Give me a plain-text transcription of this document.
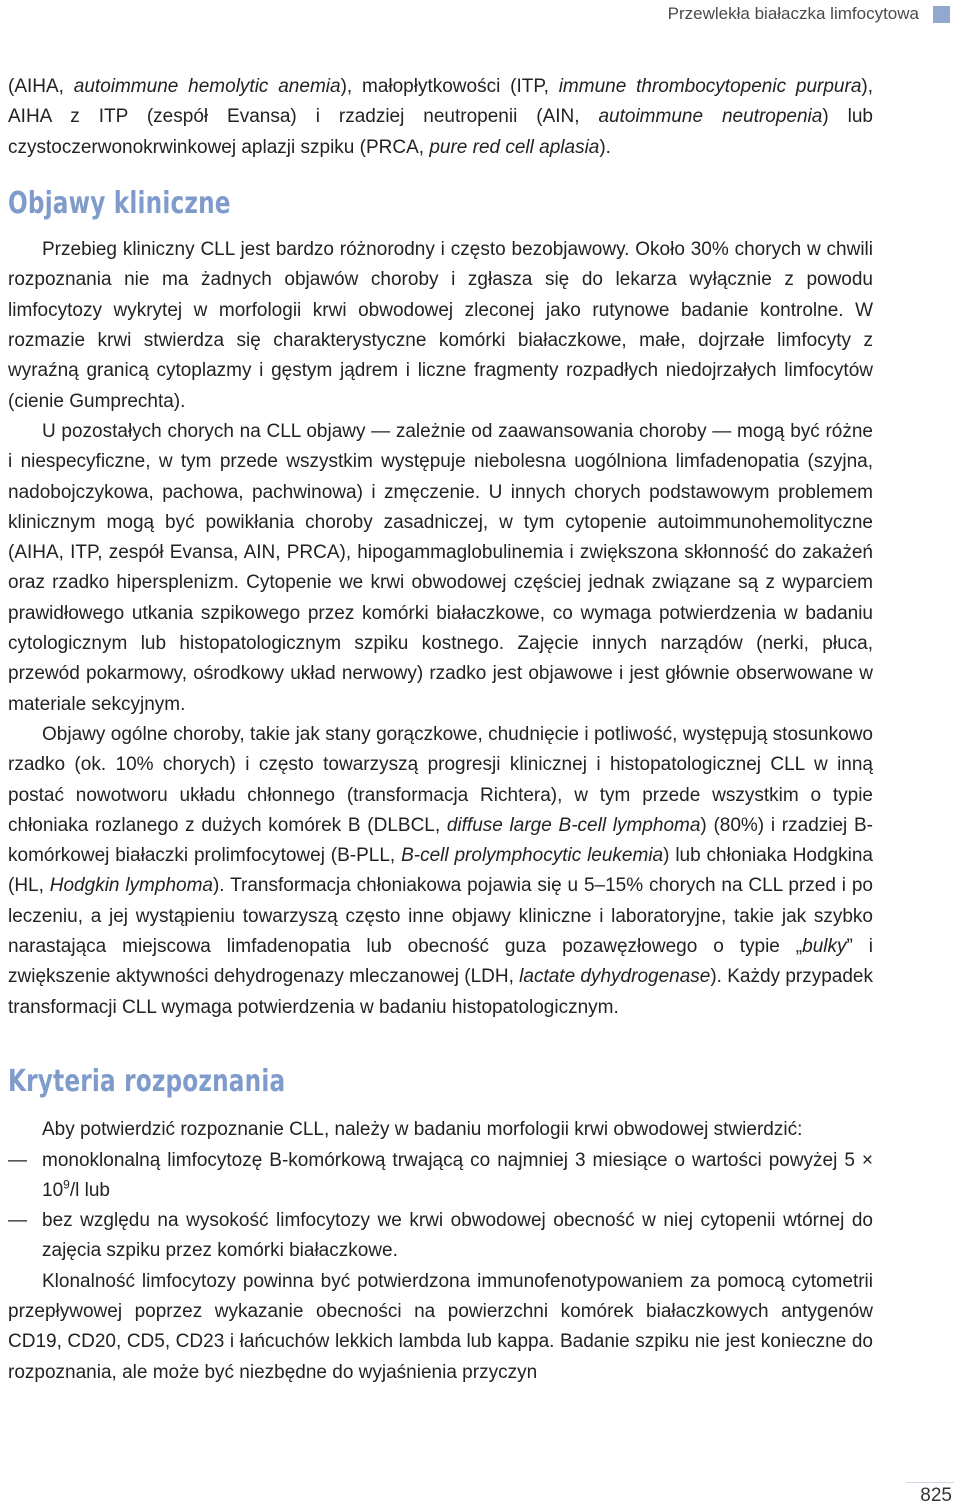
Przewlekła białaczka limfocytowa

(AIHA, autoimmune hemolytic anemia), małopłytkowości (ITP, immune thrombocytopenic purpura), AIHA z ITP (zespół Evansa) i rzadziej neutropenii (AIN, autoimmune neutropenia) lub czystoczerwonokrwinkowej aplazji szpiku (PRCA, pure red cell aplasia).

Objawy kliniczne

Przebieg kliniczny CLL jest bardzo różnorodny i często bezobjawowy. Około 30% chorych w chwili rozpoznania nie ma żadnych objawów choroby i zgłasza się do lekarza wyłącznie z powodu limfocytozy wykrytej w morfologii krwi obwodowej zleconej jako rutynowe badanie kontrolne. W rozmazie krwi stwierdza się charakterystyczne komórki białaczkowe, małe, dojrzałe limfocyty z wyraźną granicą cytoplazmy i gęstym jądrem i liczne fragmenty rozpadłych niedojrzałych limfocytów (cienie Gumprechta).

U pozostałych chorych na CLL objawy — zależnie od zaawansowania choroby — mogą być różne i niespecyficzne, w tym przede wszystkim występuje niebolesna uogólniona limfadenopatia (szyjna, nadobojczykowa, pachowa, pachwinowa) i zmęczenie. U innych chorych podstawowym problemem klinicznym mogą być powikłania choroby zasadniczej, w tym cytopenie autoimmunohemolityczne (AIHA, ITP, zespół Evansa, AIN, PRCA), hipogammaglobulinemia i zwiększona skłonność do zakażeń oraz rzadko hipersplenizm. Cytopenie we krwi obwodowej częściej jednak związane są z wyparciem prawidłowego utkania szpikowego przez komórki białaczkowe, co wymaga potwierdzenia w badaniu cytologicznym lub histopatologicznym szpiku kostnego. Zajęcie innych narządów (nerki, płuca, przewód pokarmowy, ośrodkowy układ nerwowy) rzadko jest objawowe i jest głównie obserwowane w materiale sekcyjnym.

Objawy ogólne choroby, takie jak stany gorączkowe, chudnięcie i potliwość, występują stosunkowo rzadko (ok. 10% chorych) i często towarzyszą progresji klinicznej i histopatologicznej CLL w inną postać nowotworu układu chłonnego (transformacja Richtera), w tym przede wszystkim o typie chłoniaka rozlanego z dużych komórek B (DLBCL, diffuse large B-cell lymphoma) (80%) i rzadziej B-komórkowej białaczki prolimfocytowej (B-PLL, B-cell prolymphocytic leukemia) lub chłoniaka Hodgkina (HL, Hodgkin lymphoma). Transformacja chłoniakowa pojawia się u 5–15% chorych na CLL przed i po leczeniu, a jej wystąpieniu towarzyszą często inne objawy kliniczne i laboratoryjne, takie jak szybko narastająca miejscowa limfadenopatia lub obecność guza pozawęzłowego o typie „bulky” i zwiększenie aktywności dehydrogenazy mleczanowej (LDH, lactate dyhydrogenase). Każdy przypadek transformacji CLL wymaga potwierdzenia w badaniu histopatologicznym.

Kryteria rozpoznania

Aby potwierdzić rozpoznanie CLL, należy w badaniu morfologii krwi obwodowej stwierdzić:

— monoklonalną limfocytozę B-komórkową trwającą co najmniej 3 miesiące o wartości powyżej $5 \times 10^9/l$ lub
— bez względu na wysokość limfocytozy we krwi obwodowej obecność w niej cytopenii wtórnej do zajęcia szpiku przez komórki białaczkowe.

Klonalność limfocytozy powinna być potwierdzona immunofenotypowaniem za pomocą cytometrii przepływowej poprzez wykazanie obecności na powierzchni komórek białaczkowych antygenów CD19, CD20, CD5, CD23 i łańcuchów lekkich lambda lub kappa. Badanie szpiku nie jest konieczne do rozpoznania, ale może być niezbędne do wyjaśnienia przyczyn

825
